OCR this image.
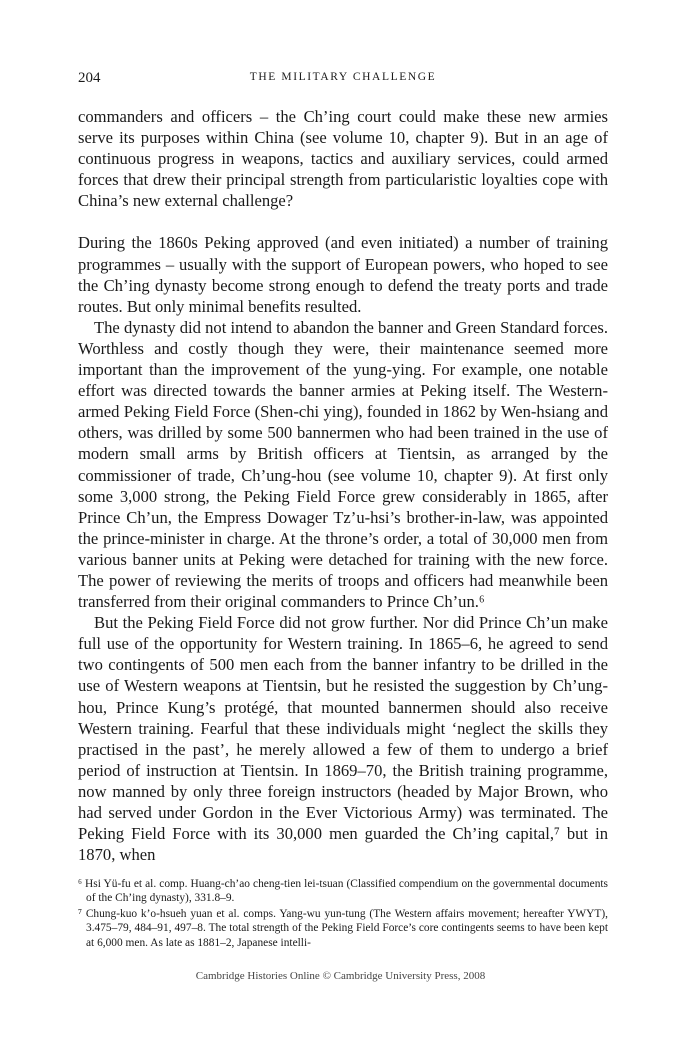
204	THE MILITARY CHALLENGE

commanders and officers – the Ch’ing court could make these new armies serve its purposes within China (see volume 10, chapter 9). But in an age of continuous progress in weapons, tactics and auxiliary services, could armed forces that drew their principal strength from particularistic loyalties cope with China’s new external challenge?

During the 1860s Peking approved (and even initiated) a number of training programmes – usually with the support of European powers, who hoped to see the Ch’ing dynasty become strong enough to defend the treaty ports and trade routes. But only minimal benefits resulted.

The dynasty did not intend to abandon the banner and Green Standard forces. Worthless and costly though they were, their maintenance seemed more important than the improvement of the yung-ying. For example, one notable effort was directed towards the banner armies at Peking itself. The Western-armed Peking Field Force (Shen-chi ying), founded in 1862 by Wen-hsiang and others, was drilled by some 500 bannermen who had been trained in the use of modern small arms by British officers at Tientsin, as arranged by the commissioner of trade, Ch’ung-hou (see volume 10, chapter 9). At first only some 3,000 strong, the Peking Field Force grew considerably in 1865, after Prince Ch’un, the Empress Dowager Tz’u-hsi’s brother-in-law, was appointed the prince-minister in charge. At the throne’s order, a total of 30,000 men from various banner units at Peking were detached for training with the new force. The power of reviewing the merits of troops and officers had meanwhile been transferred from their original commanders to Prince Ch’un.⁶

But the Peking Field Force did not grow further. Nor did Prince Ch’un make full use of the opportunity for Western training. In 1865–6, he agreed to send two contingents of 500 men each from the banner infantry to be drilled in the use of Western weapons at Tientsin, but he resisted the suggestion by Ch’ung-hou, Prince Kung’s protégé, that mounted bannermen should also receive Western training. Fearful that these individuals might ‘neglect the skills they practised in the past’, he merely allowed a few of them to undergo a brief period of instruction at Tientsin. In 1869–70, the British training programme, now manned by only three foreign instructors (headed by Major Brown, who had served under Gordon in the Ever Victorious Army) was terminated. The Peking Field Force with its 30,000 men guarded the Ch’ing capital,⁷ but in 1870, when

⁶ Hsi Yü-fu et al. comp. Huang-ch’ao cheng-tien lei-tsuan (Classified compendium on the governmental documents of the Ch’ing dynasty), 331.8–9.

⁷ Chung-kuo k’o-hsueh yuan et al. comps. Yang-wu yun-tung (The Western affairs movement; hereafter YWYT), 3.475–79, 484–91, 497–8. The total strength of the Peking Field Force’s core contingents seems to have been kept at 6,000 men. As late as 1881–2, Japanese intelli-

Cambridge Histories Online © Cambridge University Press, 2008
